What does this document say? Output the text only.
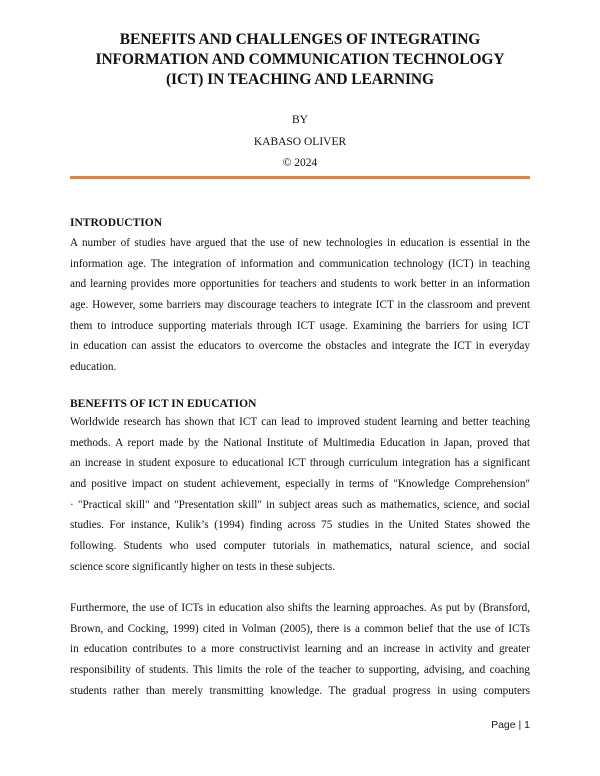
BENEFITS AND CHALLENGES OF INTEGRATING
INFORMATION AND COMMUNICATION TECHNOLOGY
(ICT) IN TEACHING AND LEARNING
BY
KABASO OLIVER
© 2024
INTRODUCTION
A number of studies have argued that the use of new technologies in education is essential in the
information age. The integration of information and communication technology (ICT) in teaching
and learning provides more opportunities for teachers and students to work better in an information
age. However, some barriers may discourage teachers to integrate ICT in the classroom and prevent
them to introduce supporting materials through ICT usage. Examining the barriers for using ICT
in education can assist the educators to overcome the obstacles and integrate the ICT in everyday
education.
BENEFITS OF ICT IN EDUCATION
Worldwide research has shown that ICT can lead to improved student learning and better teaching
methods. A report made by the National Institute of Multimedia Education in Japan, proved that
an increase in student exposure to educational ICT through curriculum integration has a significant
and positive impact on student achievement, especially in terms of "Knowledge Comprehension"
· "Practical skill" and "Presentation skill" in subject areas such as mathematics, science, and social
studies. For instance, Kulik’s (1994) finding across 75 studies in the United States showed the
following. Students who used computer tutorials in mathematics, natural science, and social
science score significantly higher on tests in these subjects.
Furthermore, the use of ICTs in education also shifts the learning approaches. As put by (Bransford,
Brown, and Cocking, 1999) cited in Volman (2005), there is a common belief that the use of ICTs
in education contributes to a more constructivist learning and an increase in activity and greater
responsibility of students. This limits the role of the teacher to supporting, advising, and coaching
students rather than merely transmitting knowledge. The gradual progress in using computers
Page | 1
